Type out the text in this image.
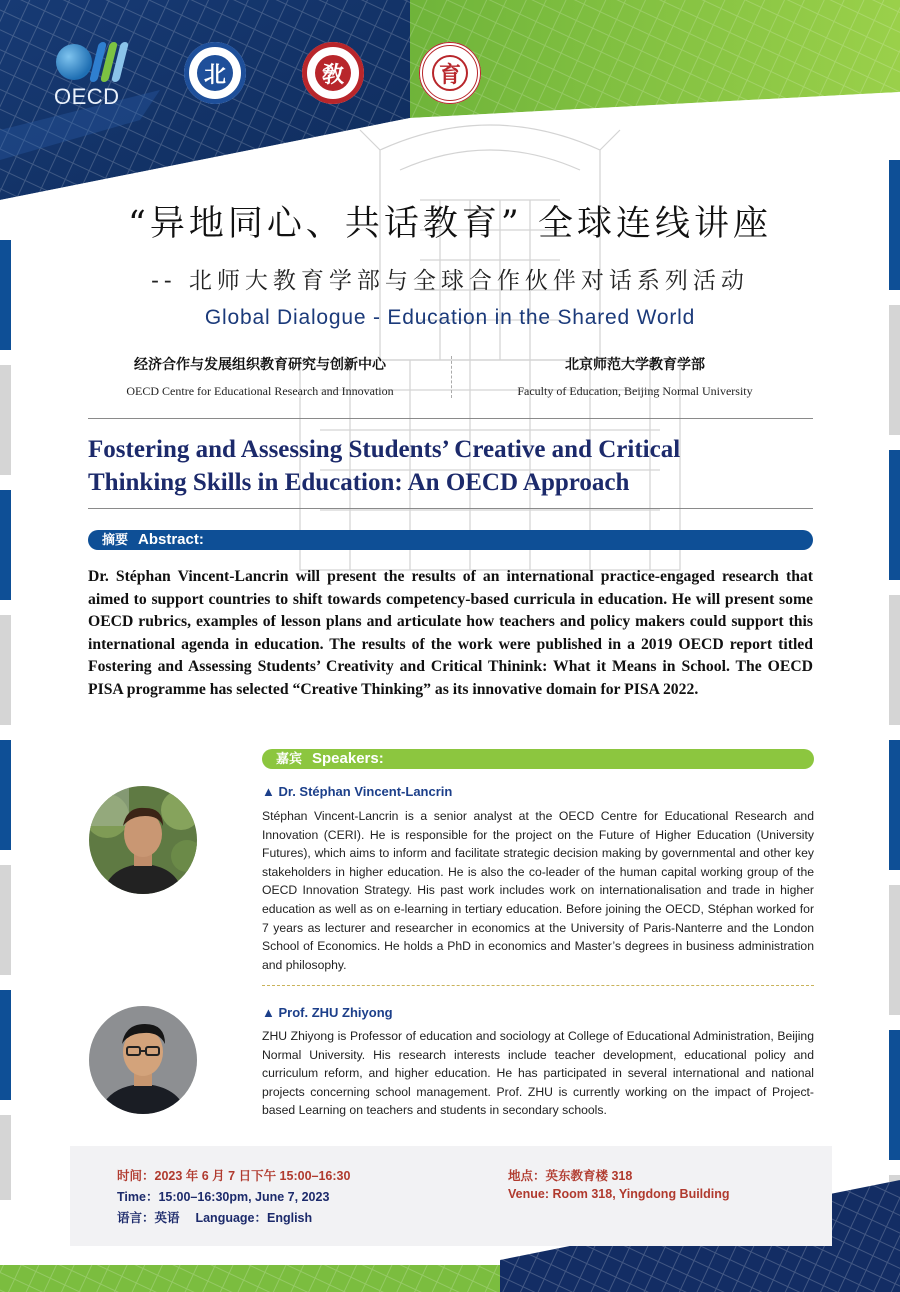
OECD
北	敎	育
“异地同心、共话教育” 全球连线讲座
-- 北师大教育学部与全球合作伙伴对话系列活动
Global Dialogue - Education in the Shared World
经济合作与发展组织教育研究与创新中心
OECD Centre for Educational Research and Innovation
北京师范大学教育学部
Faculty of Education, Beijing Normal University
Fostering and Assessing Students’ Creative and Critical
Thinking Skills in Education: An OECD Approach
摘要 Abstract:
Dr. Stéphan Vincent-Lancrin will present the results of an international practice-engaged research that aimed to support countries to shift towards competency-based curricula in education. He will present some OECD rubrics, examples of lesson plans and articulate how teachers and policy makers could support this international agenda in education. The results of the work were published in a 2019 OECD report titled Fostering and Assessing Students’ Creativity and Critical Thinink: What it Means in School. The OECD PISA programme has selected “Creative Thinking” as its innovative domain for PISA 2022.
嘉宾 Speakers:
▲ Dr. Stéphan Vincent-Lancrin
Stéphan Vincent-Lancrin is a senior analyst at the OECD Centre for Educational Research and Innovation (CERI). He is responsible for the project on the Future of Higher Education (University Futures), which aims to inform and facilitate strategic decision making by governmental and other key stakeholders in higher education. He is also the co-leader of the human capital working group of the OECD Innovation Strategy. His past work includes work on internationalisation and trade in higher education as well as on e-learning in tertiary education. Before joining the OECD, Stéphan worked for 7 years as lecturer and researcher in economics at the University of Paris-Nanterre and the London School of Economics. He holds a PhD in economics and Master’s degrees in business administration and philosophy.
▲ Prof. ZHU Zhiyong
ZHU Zhiyong is Professor of education and sociology at College of Educational Administration, Beijing Normal University. His research interests include teacher development, educational policy and curriculum reform, and higher education. He has participated in several international and national projects concerning school management. Prof. ZHU is currently working on the impact of Project-based Learning on teachers and students in secondary schools.
时间：2023 年 6 月 7 日下午 15:00–16:30
Time：15:00–16:30pm, June 7, 2023
语言：英语　 Language：English
地点：英东教育楼 318
Venue: Room 318, Yingdong Building
